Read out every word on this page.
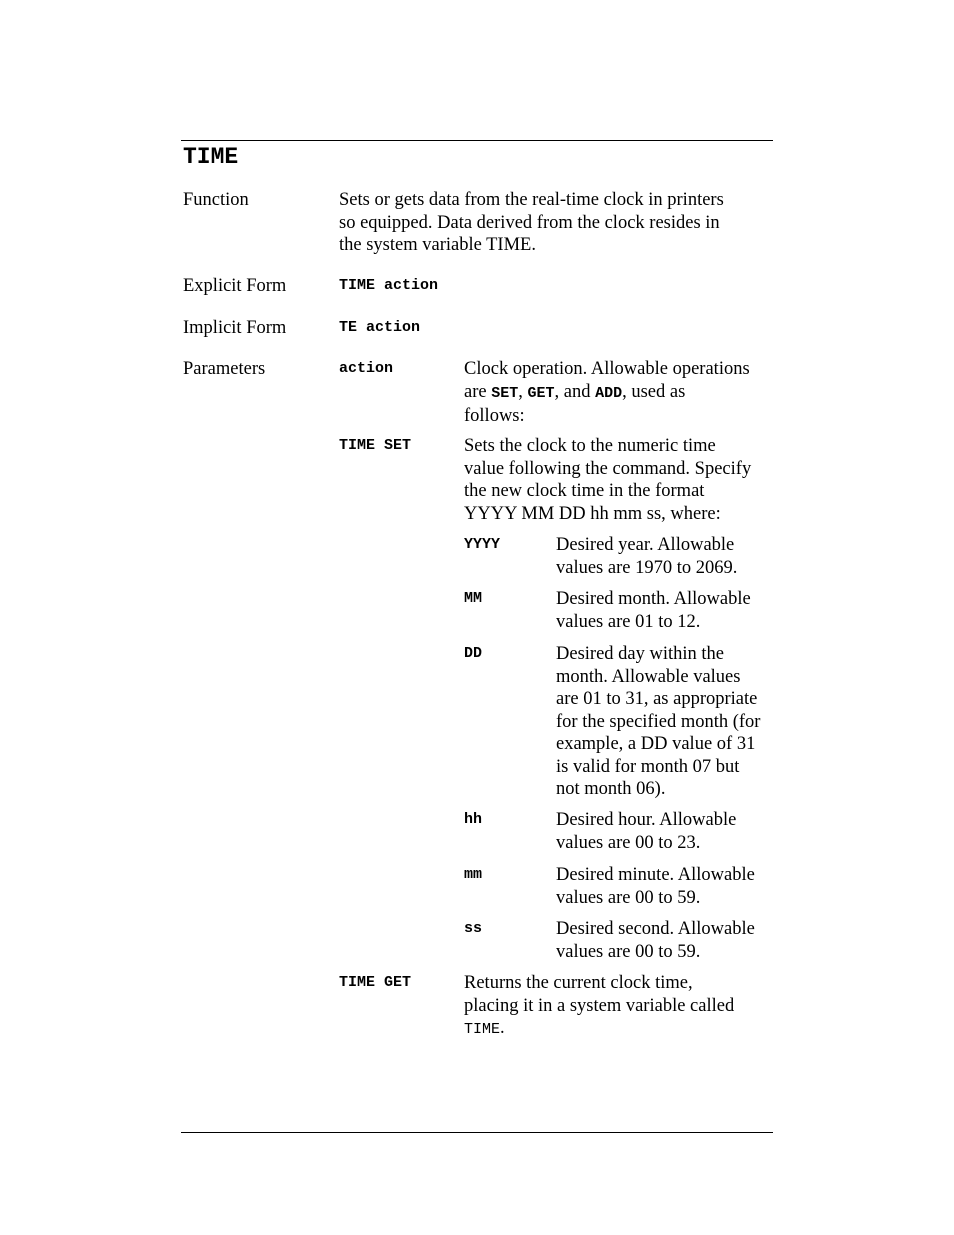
TIME
Function	Sets or gets data from the real-time clock in printers
so equipped. Data derived from the clock resides in
the system variable TIME.
Explicit Form	TIME action
Implicit Form	TE action
Parameters	action	Clock operation. Allowable operations
are SET, GET, and ADD, used as
follows:
TIME SET	Sets the clock to the numeric time
value following the command. Specify
the new clock time in the format
YYYY MM DD hh mm ss, where:
YYYY	Desired year. Allowable
values are 1970 to 2069.
MM	Desired month. Allowable
values are 01 to 12.
DD	Desired day within the
month. Allowable values
are 01 to 31, as appropriate
for the specified month (for
example, a DD value of 31
is valid for month 07 but
not month 06).
hh	Desired hour. Allowable
values are 00 to 23.
mm	Desired minute. Allowable
values are 00 to 59.
ss	Desired second. Allowable
values are 00 to 59.
TIME GET	Returns the current clock time,
placing it in a system variable called
TIME.
